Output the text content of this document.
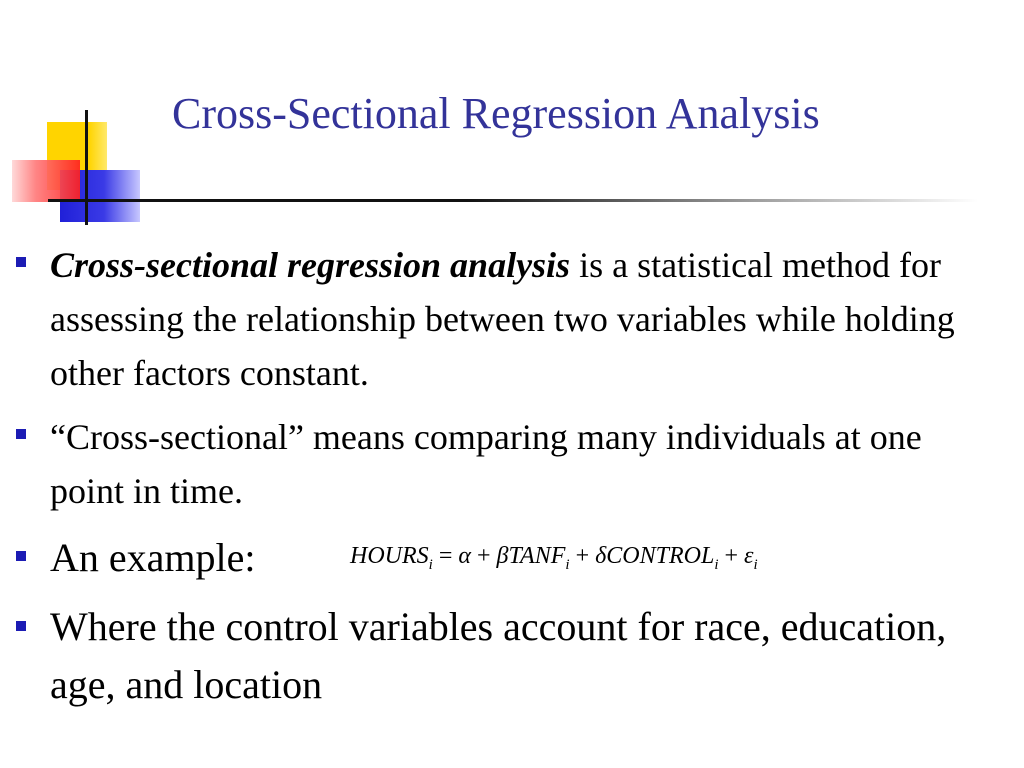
Cross-Sectional Regression Analysis
Cross-sectional regression analysis is a statistical method for assessing the relationship between two variables while holding other factors constant.
“Cross-sectional” means comparing many individuals at one point in time.
An example:	$HOURS_i = \alpha$ + βTANF$_i$ + δCONTROL$_i$ + $\varepsilon_i$
Where the control variables account for race, education, age, and location
